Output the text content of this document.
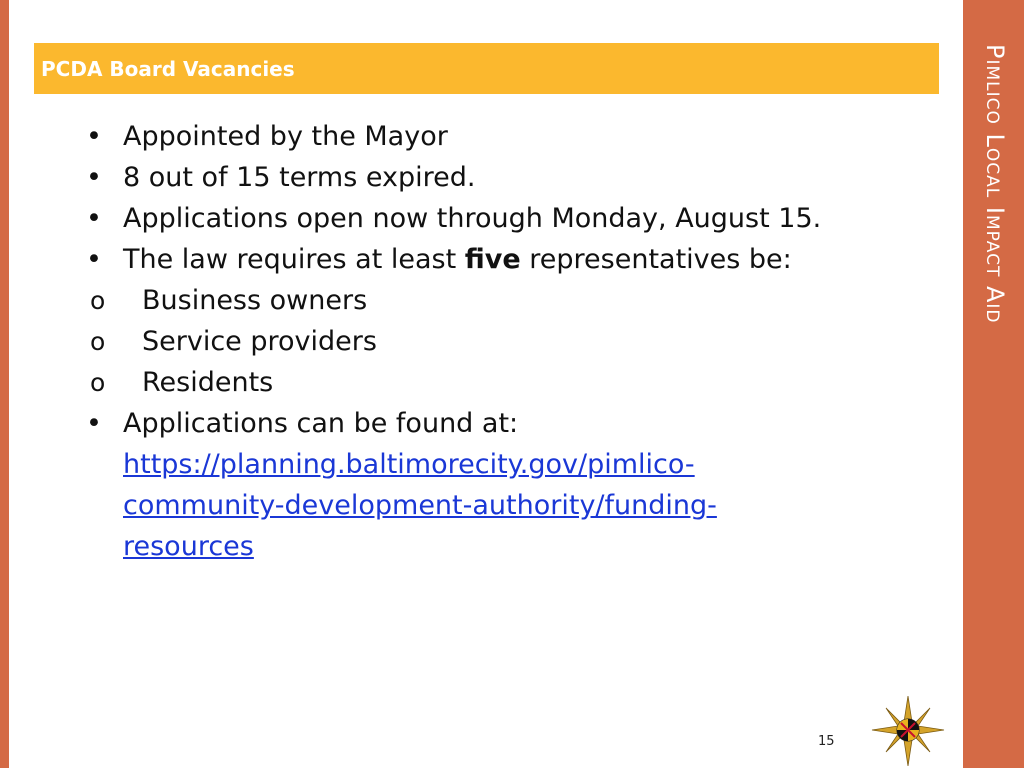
Pimlico Local Impact Aid
PCDA Board Vacancies
• Appointed by the Mayor
• 8 out of 15 terms expired.
• Applications open now through Monday, August 15.
• The law requires at least five representatives be:
o Business owners
o Service providers
o Residents
• Applications can be found at:
https://planning.baltimorecity.gov/pimlico-
community-development-authority/funding-
resources
15
